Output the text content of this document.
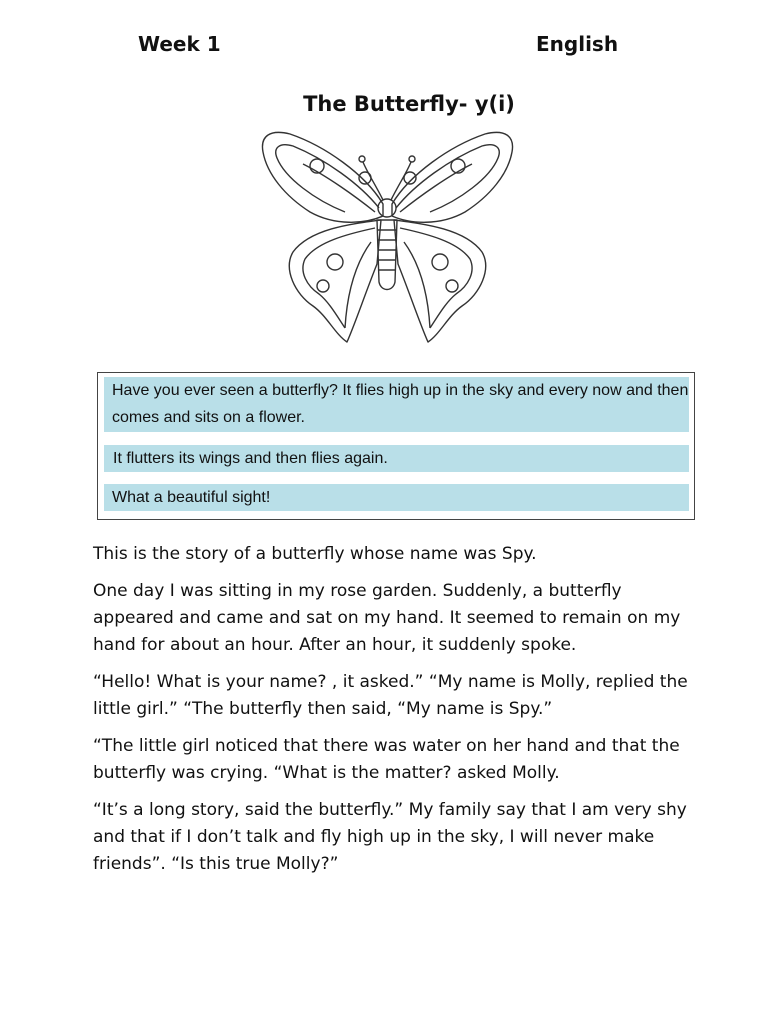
Week 1	English
The Butterfly- y(i)
Have you ever seen a butterfly? It flies high up in the sky and every now and then comes and sits on a flower.
It flutters its wings and then flies again.
What a beautiful sight!

This is the story of a butterfly whose name was Spy.

One day I was sitting in my rose garden. Suddenly, a butterfly appeared and came and sat on my hand. It seemed to remain on my hand for about an hour. After an hour, it suddenly spoke.

“Hello! What is your name? , it asked.” “My name is Molly, replied the little girl.” “The butterfly then said, “My name is Spy.”

“The little girl noticed that there was water on her hand and that the butterfly was crying. “What is the matter? asked Molly.

“It’s a long story, said the butterfly.” My family say that I am very shy and that if I don’t talk and fly high up in the sky, I will never make friends”. “Is this true Molly?”
